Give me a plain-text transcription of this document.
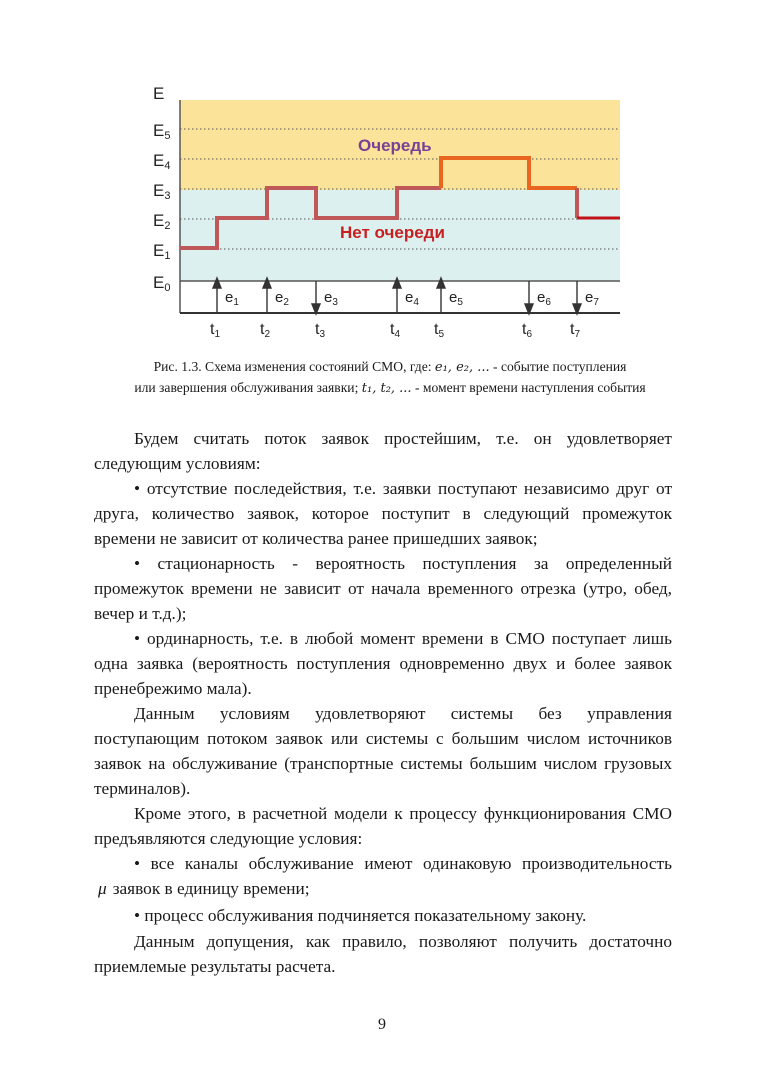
E
E5
E4
E3
E2
E1
E0
Очередь
Нет очереди
$e_1$ $e_2$ $e_3$	$e_4$ $e_5$	$e_6$ $e_7$
t1 t2	t3	t4 t5	t6 t7
Рис. 1.3. Схема изменения состояний СМО, где: e₁, e₂, ... - событие поступления
или завершения обслуживания заявки; t₁, t₂, ... - момент времени наступления события

Будем считать поток заявок простейшим, т.е. он удовлетворяет следующим условиям:

• отсутствие последействия, т.е. заявки поступают независимо друг от друга, количество заявок, которое поступит в следующий промежуток времени не зависит от количества ранее пришедших заявок;

• стационарность - вероятность поступления за определенный промежуток времени не зависит от начала временного отрезка (утро, обед, вечер и т.д.);

• ординарность, т.е. в любой момент времени в СМО поступает лишь одна заявка (вероятность поступления одновременно двух и более заявок пренебрежимо мала).

Данным условиям удовлетворяют системы без управления поступающим потоком заявок или системы с большим числом источников заявок на обслуживание (транспортные системы большим числом грузовых терминалов).

Кроме этого, в расчетной модели к процессу функционирования СМО предъявляются следующие условия:

• все каналы обслуживание имеют одинаковую производительность

μ заявок в единицу времени;

• процесс обслуживания подчиняется показательному закону.

Данным допущения, как правило, позволяют получить достаточно приемлемые результаты расчета.

9
